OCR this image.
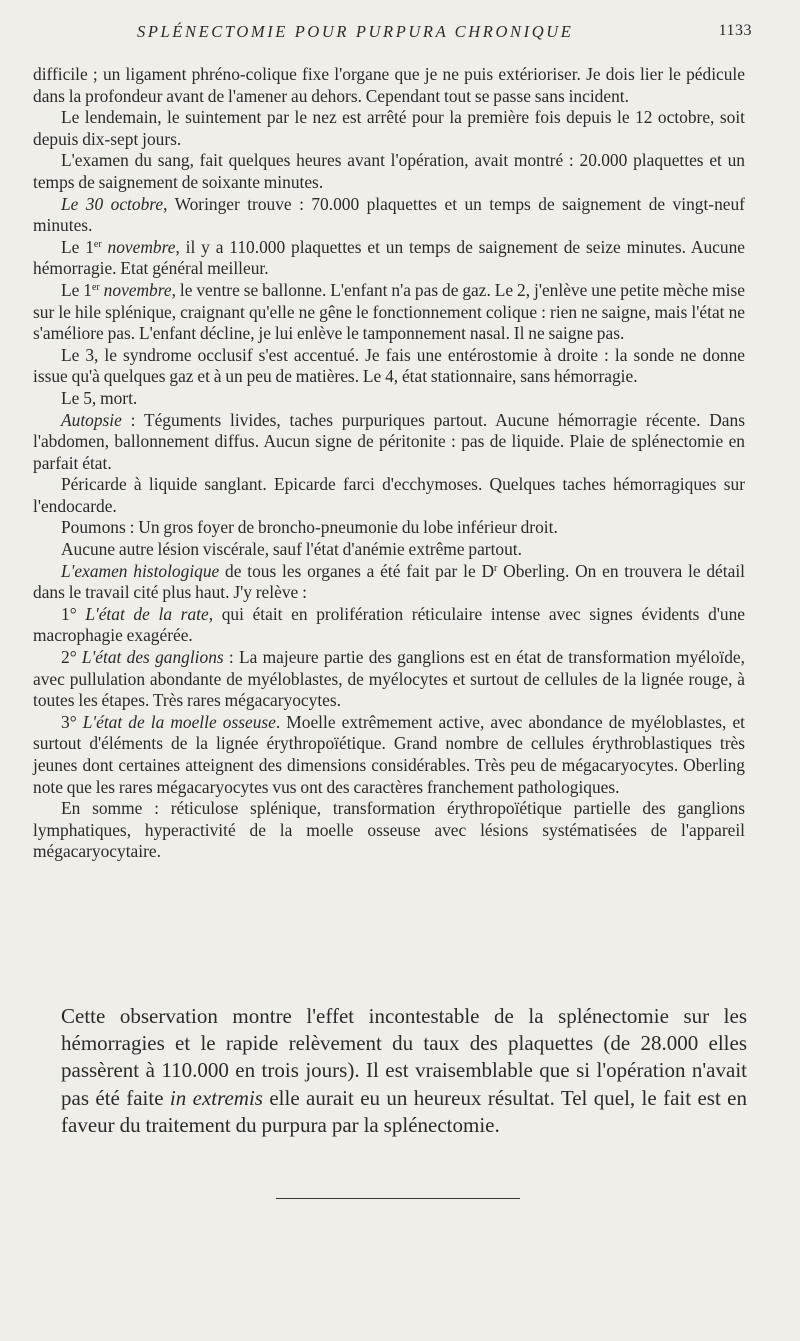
SPLÉNECTOMIE POUR PURPURA CHRONIQUE	1133

difficile ; un ligament phréno-colique fixe l'organe que je ne puis extérioriser. Je dois lier le pédicule dans la profondeur avant de l'amener au dehors. Cependant tout se passe sans incident.

Le lendemain, le suintement par le nez est arrêté pour la première fois depuis le 12 octobre, soit depuis dix-sept jours.

L'examen du sang, fait quelques heures avant l'opération, avait montré : 20.000 plaquettes et un temps de saignement de soixante minutes.

Le 30 octobre, Woringer trouve : 70.000 plaquettes et un temps de saignement de vingt-neuf minutes.

Le 1er novembre, il y a 110.000 plaquettes et un temps de saignement de seize minutes. Aucune hémorragie. Etat général meilleur.

Le 1er novembre, le ventre se ballonne. L'enfant n'a pas de gaz. Le 2, j'enlève une petite mèche mise sur le hile splénique, craignant qu'elle ne gêne le fonctionnement colique : rien ne saigne, mais l'état ne s'améliore pas. L'enfant décline, je lui enlève le tamponnement nasal. Il ne saigne pas.

Le 3, le syndrome occlusif s'est accentué. Je fais une entérostomie à droite : la sonde ne donne issue qu'à quelques gaz et à un peu de matières. Le 4, état stationnaire, sans hémorragie.

Le 5, mort.

Autopsie : Téguments livides, taches purpuriques partout. Aucune hémorragie récente. Dans l'abdomen, ballonnement diffus. Aucun signe de péritonite : pas de liquide. Plaie de splénectomie en parfait état.

Péricarde à liquide sanglant. Epicarde farci d'ecchymoses. Quelques taches hémorragiques sur l'endocarde.

Poumons : Un gros foyer de broncho-pneumonie du lobe inférieur droit.

Aucune autre lésion viscérale, sauf l'état d'anémie extrême partout.

L'examen histologique de tous les organes a été fait par le $D^r$ Oberling. On en trouvera le détail dans le travail cité plus haut. J'y relève :

1° L'état de la rate, qui était en prolifération réticulaire intense avec signes évidents d'une macrophagie exagérée.

2° L'état des ganglions : La majeure partie des ganglions est en état de transformation myéloïde, avec pullulation abondante de myéloblastes, de myélocytes et surtout de cellules de la lignée rouge, à toutes les étapes. Très rares mégacaryocytes.

3° L'état de la moelle osseuse. Moelle extrêmement active, avec abondance de myéloblastes, et surtout d'éléments de la lignée érythropoïétique. Grand nombre de cellules érythroblastiques très jeunes dont certaines atteignent des dimensions considérables. Très peu de mégacaryocytes. Oberling note que les rares mégacaryocytes vus ont des caractères franchement pathologiques.

En somme : réticulose splénique, transformation érythropoïétique partielle des ganglions lymphatiques, hyperactivité de la moelle osseuse avec lésions systématisées de l'appareil mégacaryocytaire.

Cette observation montre l'effet incontestable de la splénectomie sur les hémorragies et le rapide relèvement du taux des plaquettes (de 28.000 elles passèrent à 110.000 en trois jours). Il est vraisemblable que si l'opération n'avait pas été faite in extremis elle aurait eu un heureux résultat. Tel quel, le fait est en faveur du traitement du purpura par la splénectomie.
